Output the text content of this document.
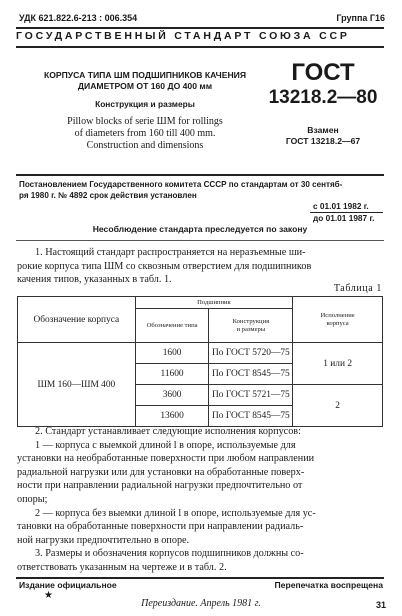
УДК 621.822.6-213 : 006.354	Группа Г16
ГОСУДАРСТВЕННЫЙ СТАНДАРТ СОЮЗА ССР
КОРПУСА ТИПА ШМ ПОДШИПНИКОВ КАЧЕНИЯ
ДИАМЕТРОМ ОТ 160 ДО 400 мм
Конструкция и размеры
Pillow blocks of serie ШМ for rollings
of diameters from 160 till 400 mm.
Construction and dimensions
ГОСТ
13218.2—80
Взамен
ГОСТ 13218.2—67
Постановлением Государственного комитета СССР по стандартам от 30 сентяб-
ря 1980 г. № 4892 срок действия установлен
с 01.01 1982 г.
до 01.01 1987 г.
Несоблюдение стандарта преследуется по закону
1. Настоящий стандарт распространяется на неразъемные ши-
рокие корпуса типа ШМ со сквозным отверстием для подшипников
качения типов, указанных в табл. 1.
Таблица 1
Обозначение корпуса	Подшипник		Исполнение
корпуса

	Обозначение типа	Конструкция
и размеры	

ШМ 160—ШМ 400	1600	По ГОСТ 5720—75	1 или 2
	11600	По ГОСТ 8545—75	
	3600	По ГОСТ 5721—75	2
	13600	По ГОСТ 8545—75	
2. Стандарт устанавливает следующие исполнения корпусов:
1 — корпуса с выемкой длиной l в опоре, используемые для
установки на необработанные поверхности при любом направлении
радиальной нагрузки или для установки на обработанные поверх-
ности при направлении радиальной нагрузки предпочтительно от
опоры;
2 — корпуса без выемки длиной l в опоре, используемые для ус-
тановки на обработанные поверхности при направлении радиаль-
ной нагрузки предпочтительно в опоре.
3. Размеры и обозначения корпусов подшипников должны со-
ответствовать указанным на чертеже и в табл. 2.
Издание официальное
★
Перепечатка воспрещена
Переиздание. Апрель 1981 г.	31
